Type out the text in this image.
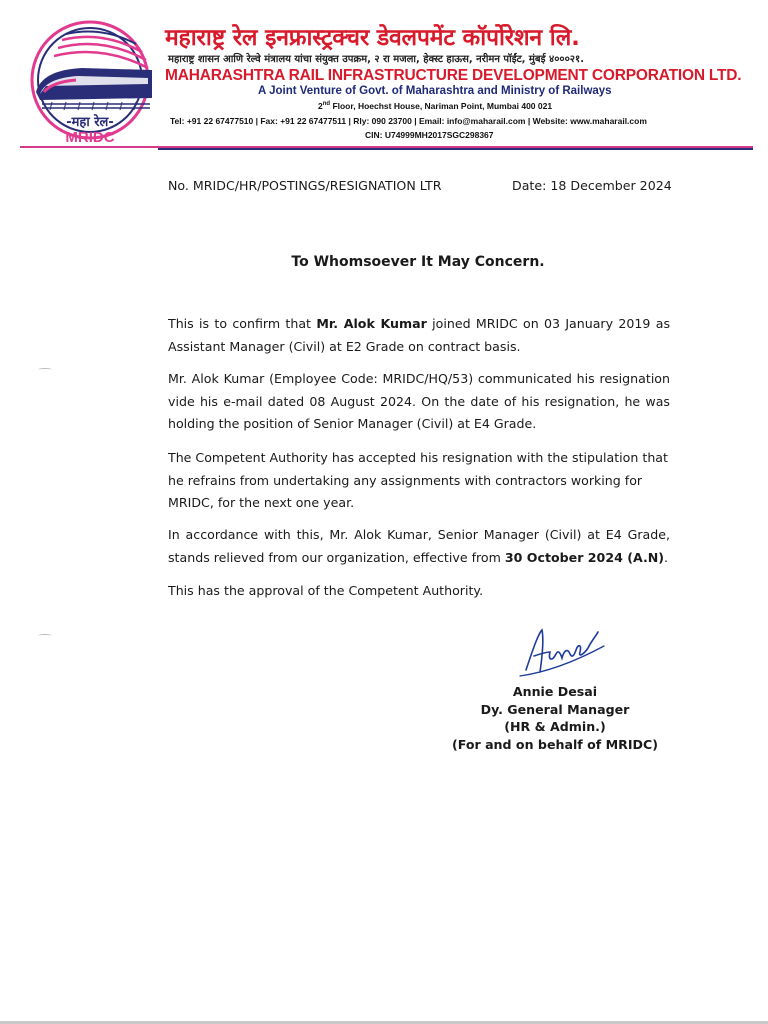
-महा रेल-
MRIDC
महाराष्ट्र रेल इनफ्रास्ट्रक्चर डेवलपमेंट कॉर्पोरेशन लि.
महाराष्ट्र शासन आणि रेल्वे मंत्रालय यांचा संयुक्त उपक्रम, २ रा मजला, हेक्स्ट हाऊस, नरीमन पॉईंट, मुंबई ४०००२१.
MAHARASHTRA RAIL INFRASTRUCTURE DEVELOPMENT CORPORATION LTD.
A Joint Venture of Govt. of Maharashtra and Ministry of Railways
2nd Floor, Hoechst House, Nariman Point, Mumbai 400 021
Tel: +91 22 67477510 | Fax: +91 22 67477511 | Rly: 090 23700 | Email: info@maharail.com | Website: www.maharail.com
CIN: U74999MH2017SGC298367
No. MRIDC/HR/POSTINGS/RESIGNATION LTR	Date: 18 December 2024
To Whomsoever It May Concern.
This is to confirm that Mr. Alok Kumar joined MRIDC on 03 January 2019 as Assistant Manager (Civil) at E2 Grade on contract basis.
Mr. Alok Kumar (Employee Code: MRIDC/HQ/53) communicated his resignation vide his e-mail dated 08 August 2024. On the date of his resignation, he was holding the position of Senior Manager (Civil) at E4 Grade.
The Competent Authority has accepted his resignation with the stipulation that he refrains from undertaking any assignments with contractors working for MRIDC, for the next one year.
In accordance with this, Mr. Alok Kumar, Senior Manager (Civil) at E4 Grade, stands relieved from our organization, effective from 30 October 2024 (A.N).
This has the approval of the Competent Authority.
Annie Desai
Dy. General Manager
(HR & Admin.)
(For and on behalf of MRIDC)
